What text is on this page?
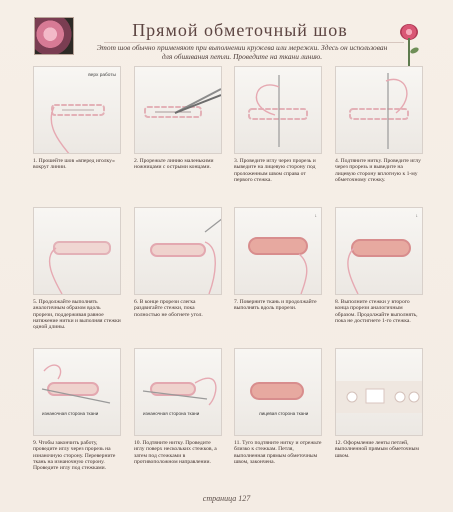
Прямой обметочный шов
Этот шов обычно применяют при выполнении кружева или мережки. Здесь он использован для обшивания петли. Проведите на ткани линию.
верх работы
1. Прошейте шов «вперед иголку» вокруг линии.
2. Прорежьте линию маленькими ножницами с острыми концами.
3. Проведите иглу через прорезь и выведите на лицевую сторону под проложенным швом справа от первого стежка.
4. Подтяните нитку. Проведите иглу через прорезь и выведите на лицевую сторону вплотную к 1-му обметочному стежку.
5. Продолжайте выполнять аналогичным образом вдоль прорези, поддерживая равное натяжение нитки и выполняя стежки одной длины.
6. В конце прорези слегка раздвигайте стежки, пока полностью не обогнете угол.
↓
7. Поверните ткань и продолжайте выполнять вдоль прорези.
↓
8. Выполните стежки у второго конца прорези аналогичным образом. Продолжайте выполнять, пока не достигнете 1-го стежка.
изнаночная сторона ткани
9. Чтобы закончить работу, проведите иглу через прорезь на изнаночную сторону. Переверните ткань на изнаночную сторону. Проведите иглу под стежками.
изнаночная сторона ткани
10. Подтяните нитку. Проведите иглу поверх нескольких стежков, а затем под стежками в противоположном направлении.
лицевая сторона ткани
11. Туго подтяните нитку и отрежьте близко к стежкам. Петля, выполненная прямым обметочным швом, закончена.
12. Оформление ленты петлей, выполненной прямым обметочным швом.
страница 127
